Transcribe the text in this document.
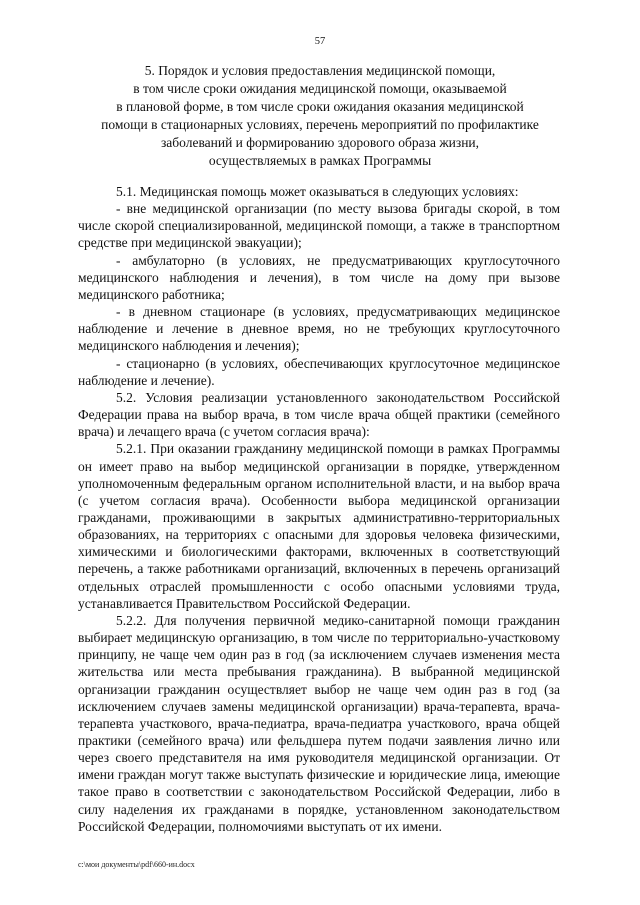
57
5. Порядок и условия предоставления медицинской помощи,
в том числе сроки ожидания медицинской помощи, оказываемой
в плановой форме, в том числе сроки ожидания оказания медицинской
помощи в стационарных условиях, перечень мероприятий по профилактике
заболеваний и формированию здорового образа жизни,
осуществляемых в рамках Программы

5.1. Медицинская помощь может оказываться в следующих условиях:

- вне медицинской организации (по месту вызова бригады скорой, в том числе скорой специализированной, медицинской помощи, а также в транспортном средстве при медицинской эвакуации);

- амбулаторно (в условиях, не предусматривающих круглосуточного медицинского наблюдения и лечения), в том числе на дому при вызове медицинского работника;

- в дневном стационаре (в условиях, предусматривающих медицинское наблюдение и лечение в дневное время, но не требующих круглосуточного медицинского наблюдения и лечения);

- стационарно (в условиях, обеспечивающих круглосуточное медицинское наблюдение и лечение).

5.2. Условия реализации установленного законодательством Российской Федерации права на выбор врача, в том числе врача общей практики (семейного врача) и лечащего врача (с учетом согласия врача):

5.2.1. При оказании гражданину медицинской помощи в рамках Программы он имеет право на выбор медицинской организации в порядке, утвержденном уполномоченным федеральным органом исполнительной власти, и на выбор врача (с учетом согласия врача). Особенности выбора медицинской организации гражданами, проживающими в закрытых административно-территориальных образованиях, на территориях с опасными для здоровья человека физическими, химическими и биологическими факторами, включенных в соответствующий перечень, а также работниками организаций, включенных в перечень организаций отдельных отраслей промышленности с особо опасными условиями труда, устанавливается Правительством Российской Федерации.

5.2.2. Для получения первичной медико-санитарной помощи гражданин выбирает медицинскую организацию, в том числе по территориально-участковому принципу, не чаще чем один раз в год (за исключением случаев изменения места жительства или места пребывания гражданина). В выбранной медицинской организации гражданин осуществляет выбор не чаще чем один раз в год (за исключением случаев замены медицинской организации) врача-терапевта, врача-терапевта участкового, врача-педиатра, врача-педиатра участкового, врача общей практики (семейного врача) или фельдшера путем подачи заявления лично или через своего представителя на имя руководителя медицинской организации. От имени граждан могут также выступать физические и юридические лица, имеющие такое право в соответствии с законодательством Российской Федерации, либо в силу наделения их гражданами в порядке, установленном законодательством Российской Федерации, полномочиями выступать от их имени.

c:\мои документы\pdf\660-ин.docx
